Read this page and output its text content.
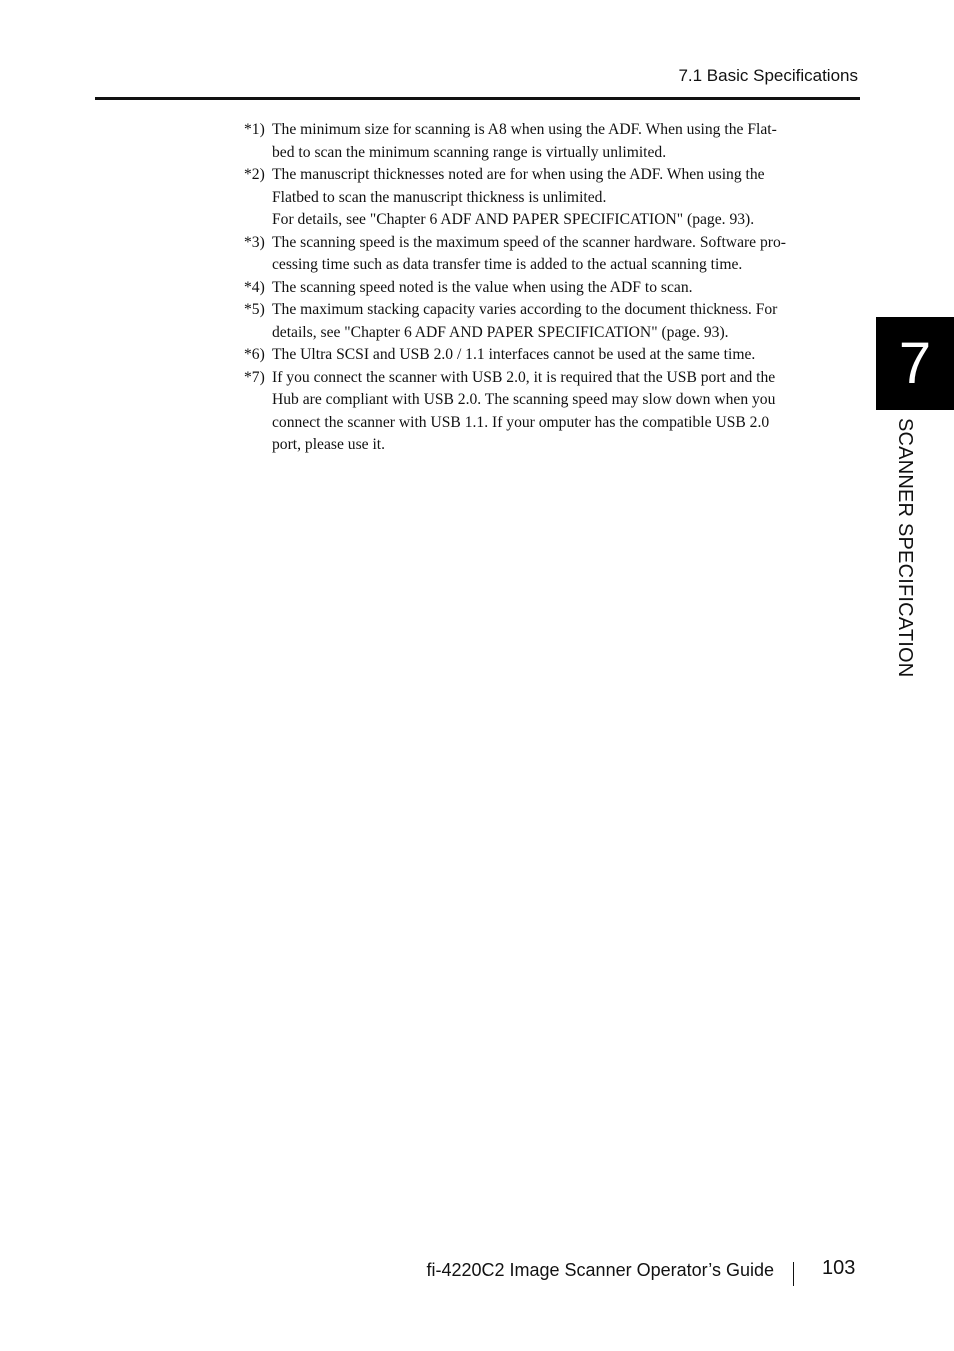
7.1 Basic Specifications
*1) The minimum size for scanning is A8 when using the ADF. When using the Flat-
bed to scan the minimum scanning range is virtually unlimited.
*2) The manuscript thicknesses noted are for when using the ADF. When using the
Flatbed to scan the manuscript thickness is unlimited.
For details, see "Chapter 6 ADF AND PAPER SPECIFICATION" (page. 93).
*3) The scanning speed is the maximum speed of the scanner hardware. Software pro-
cessing time such as data transfer time is added to the actual scanning time.
*4) The scanning speed noted is the value when using the ADF to scan.
*5) The maximum stacking capacity varies according to the document thickness. For
details, see "Chapter 6 ADF AND PAPER SPECIFICATION" (page. 93).
*6) The Ultra SCSI and USB 2.0 / 1.1 interfaces cannot be used at the same time.
*7) If you connect the scanner with USB 2.0, it is required that the USB port and the
Hub are compliant with USB 2.0. The scanning speed may slow down when you
connect the scanner with USB 1.1. If your omputer has the compatible USB 2.0
port, please use it.
7
SCANNER SPECIFICATION
fi-4220C2 Image Scanner Operator’s Guide 103
